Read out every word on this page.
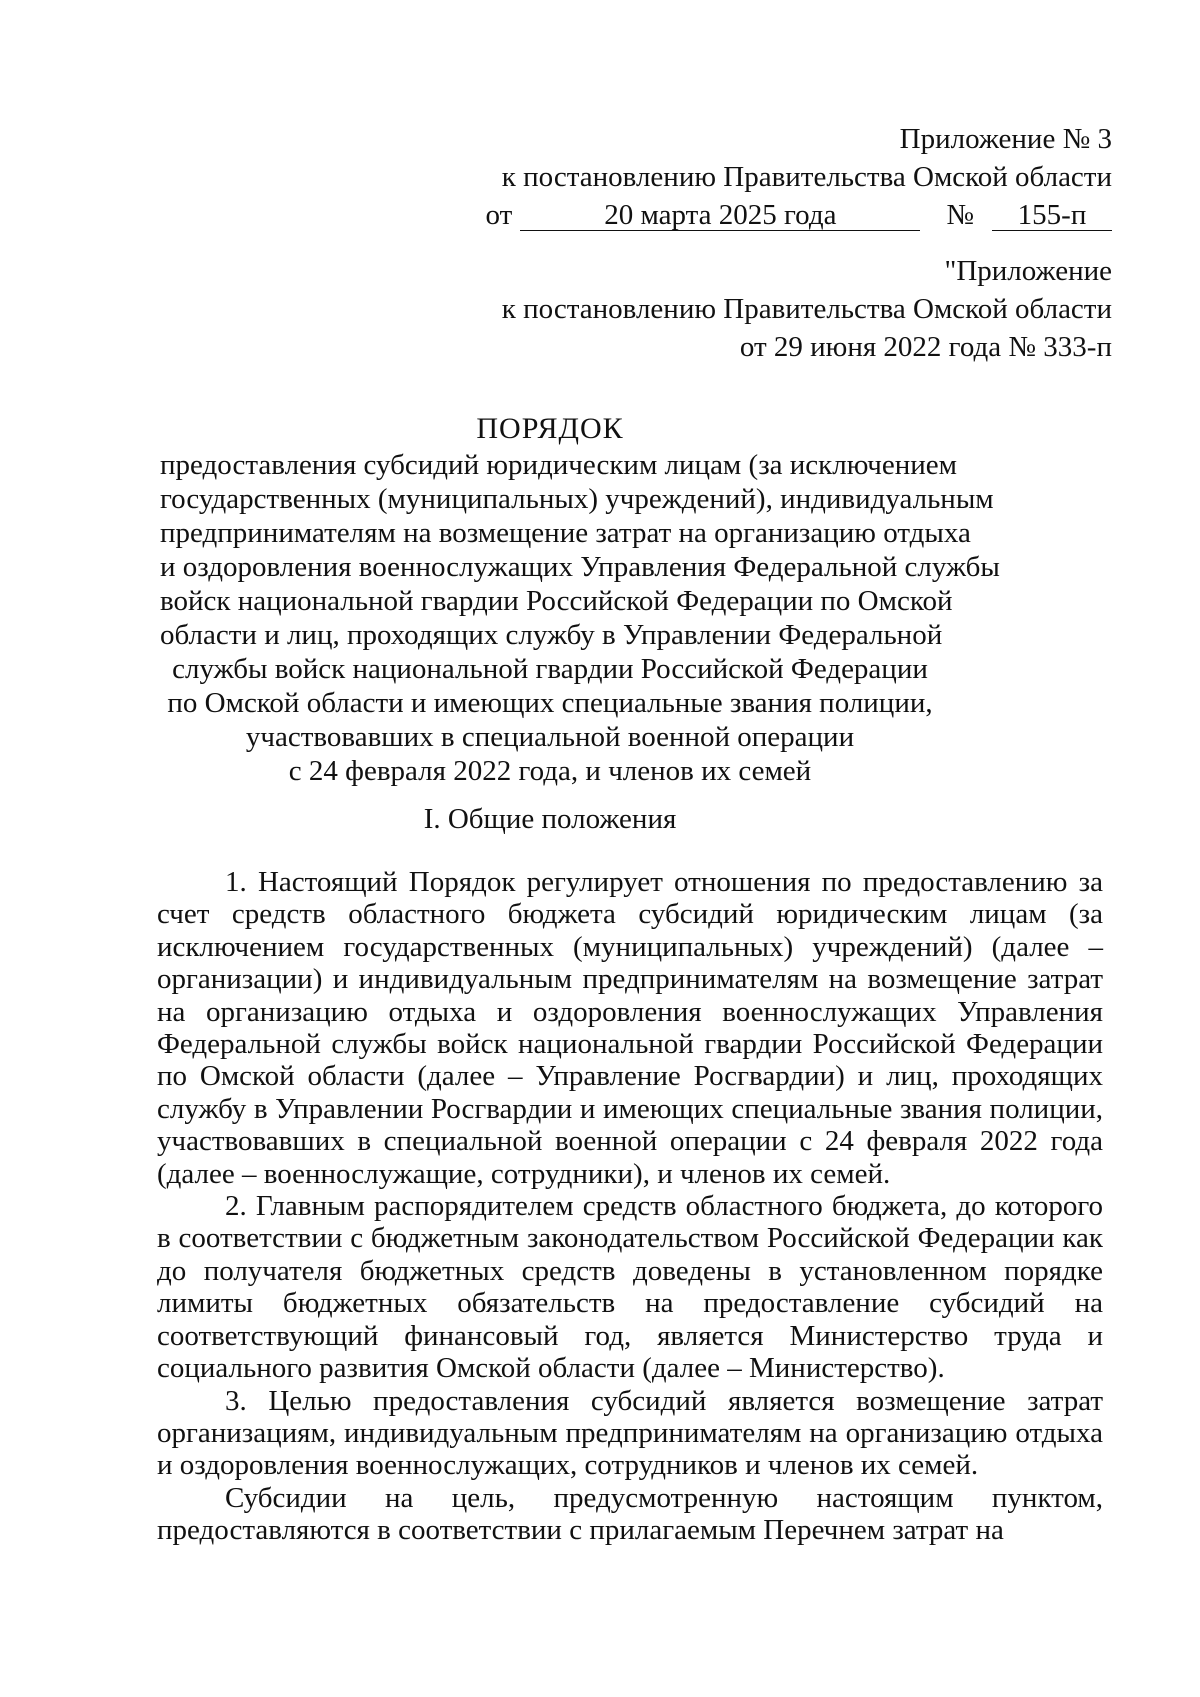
Приложение № 3
к постановлению Правительства Омской области
от	20 марта 2025 года	№	155-п
"Приложение
к постановлению Правительства Омской области
от 29 июня 2022 года № 333-п
ПОРЯДОК
предоставления субсидий юридическим лицам (за исключением
государственных (муниципальных) учреждений), индивидуальным
предпринимателям на возмещение затрат на организацию отдыха
и оздоровления военнослужащих Управления Федеральной службы
войск национальной гвардии Российской Федерации по Омской
области и лиц, проходящих службу в Управлении Федеральной
службы войск национальной гвардии Российской Федерации
по Омской области и имеющих специальные звания полиции,
участвовавших в специальной военной операции
с 24 февраля 2022 года, и членов их семей
I. Общие положения

1. Настоящий Порядок регулирует отношения по предоставлению за счет средств областного бюджета субсидий юридическим лицам (за исключением государственных (муниципальных) учреждений) (далее – организации) и индивидуальным предпринимателям на возмещение затрат на организацию отдыха и оздоровления военнослужащих Управления Федеральной службы войск национальной гвардии Российской Федерации по Омской области (далее – Управление Росгвардии) и лиц, проходящих службу в Управлении Росгвардии и имеющих специальные звания полиции, участвовавших в специальной военной операции с 24 февраля 2022 года (далее – военнослужащие, сотрудники), и членов их семей.

2. Главным распорядителем средств областного бюджета, до которого в соответствии с бюджетным законодательством Российской Федерации как до получателя бюджетных средств доведены в установленном порядке лимиты бюджетных обязательств на предоставление субсидий на соответствующий финансовый год, является Министерство труда и социального развития Омской области (далее – Министерство).

3. Целью предоставления субсидий является возмещение затрат организациям, индивидуальным предпринимателям на организацию отдыха и оздоровления военнослужащих, сотрудников и членов их семей.

Субсидии на цель, предусмотренную настоящим пунктом, предоставляются в соответствии с прилагаемым Перечнем затрат на
